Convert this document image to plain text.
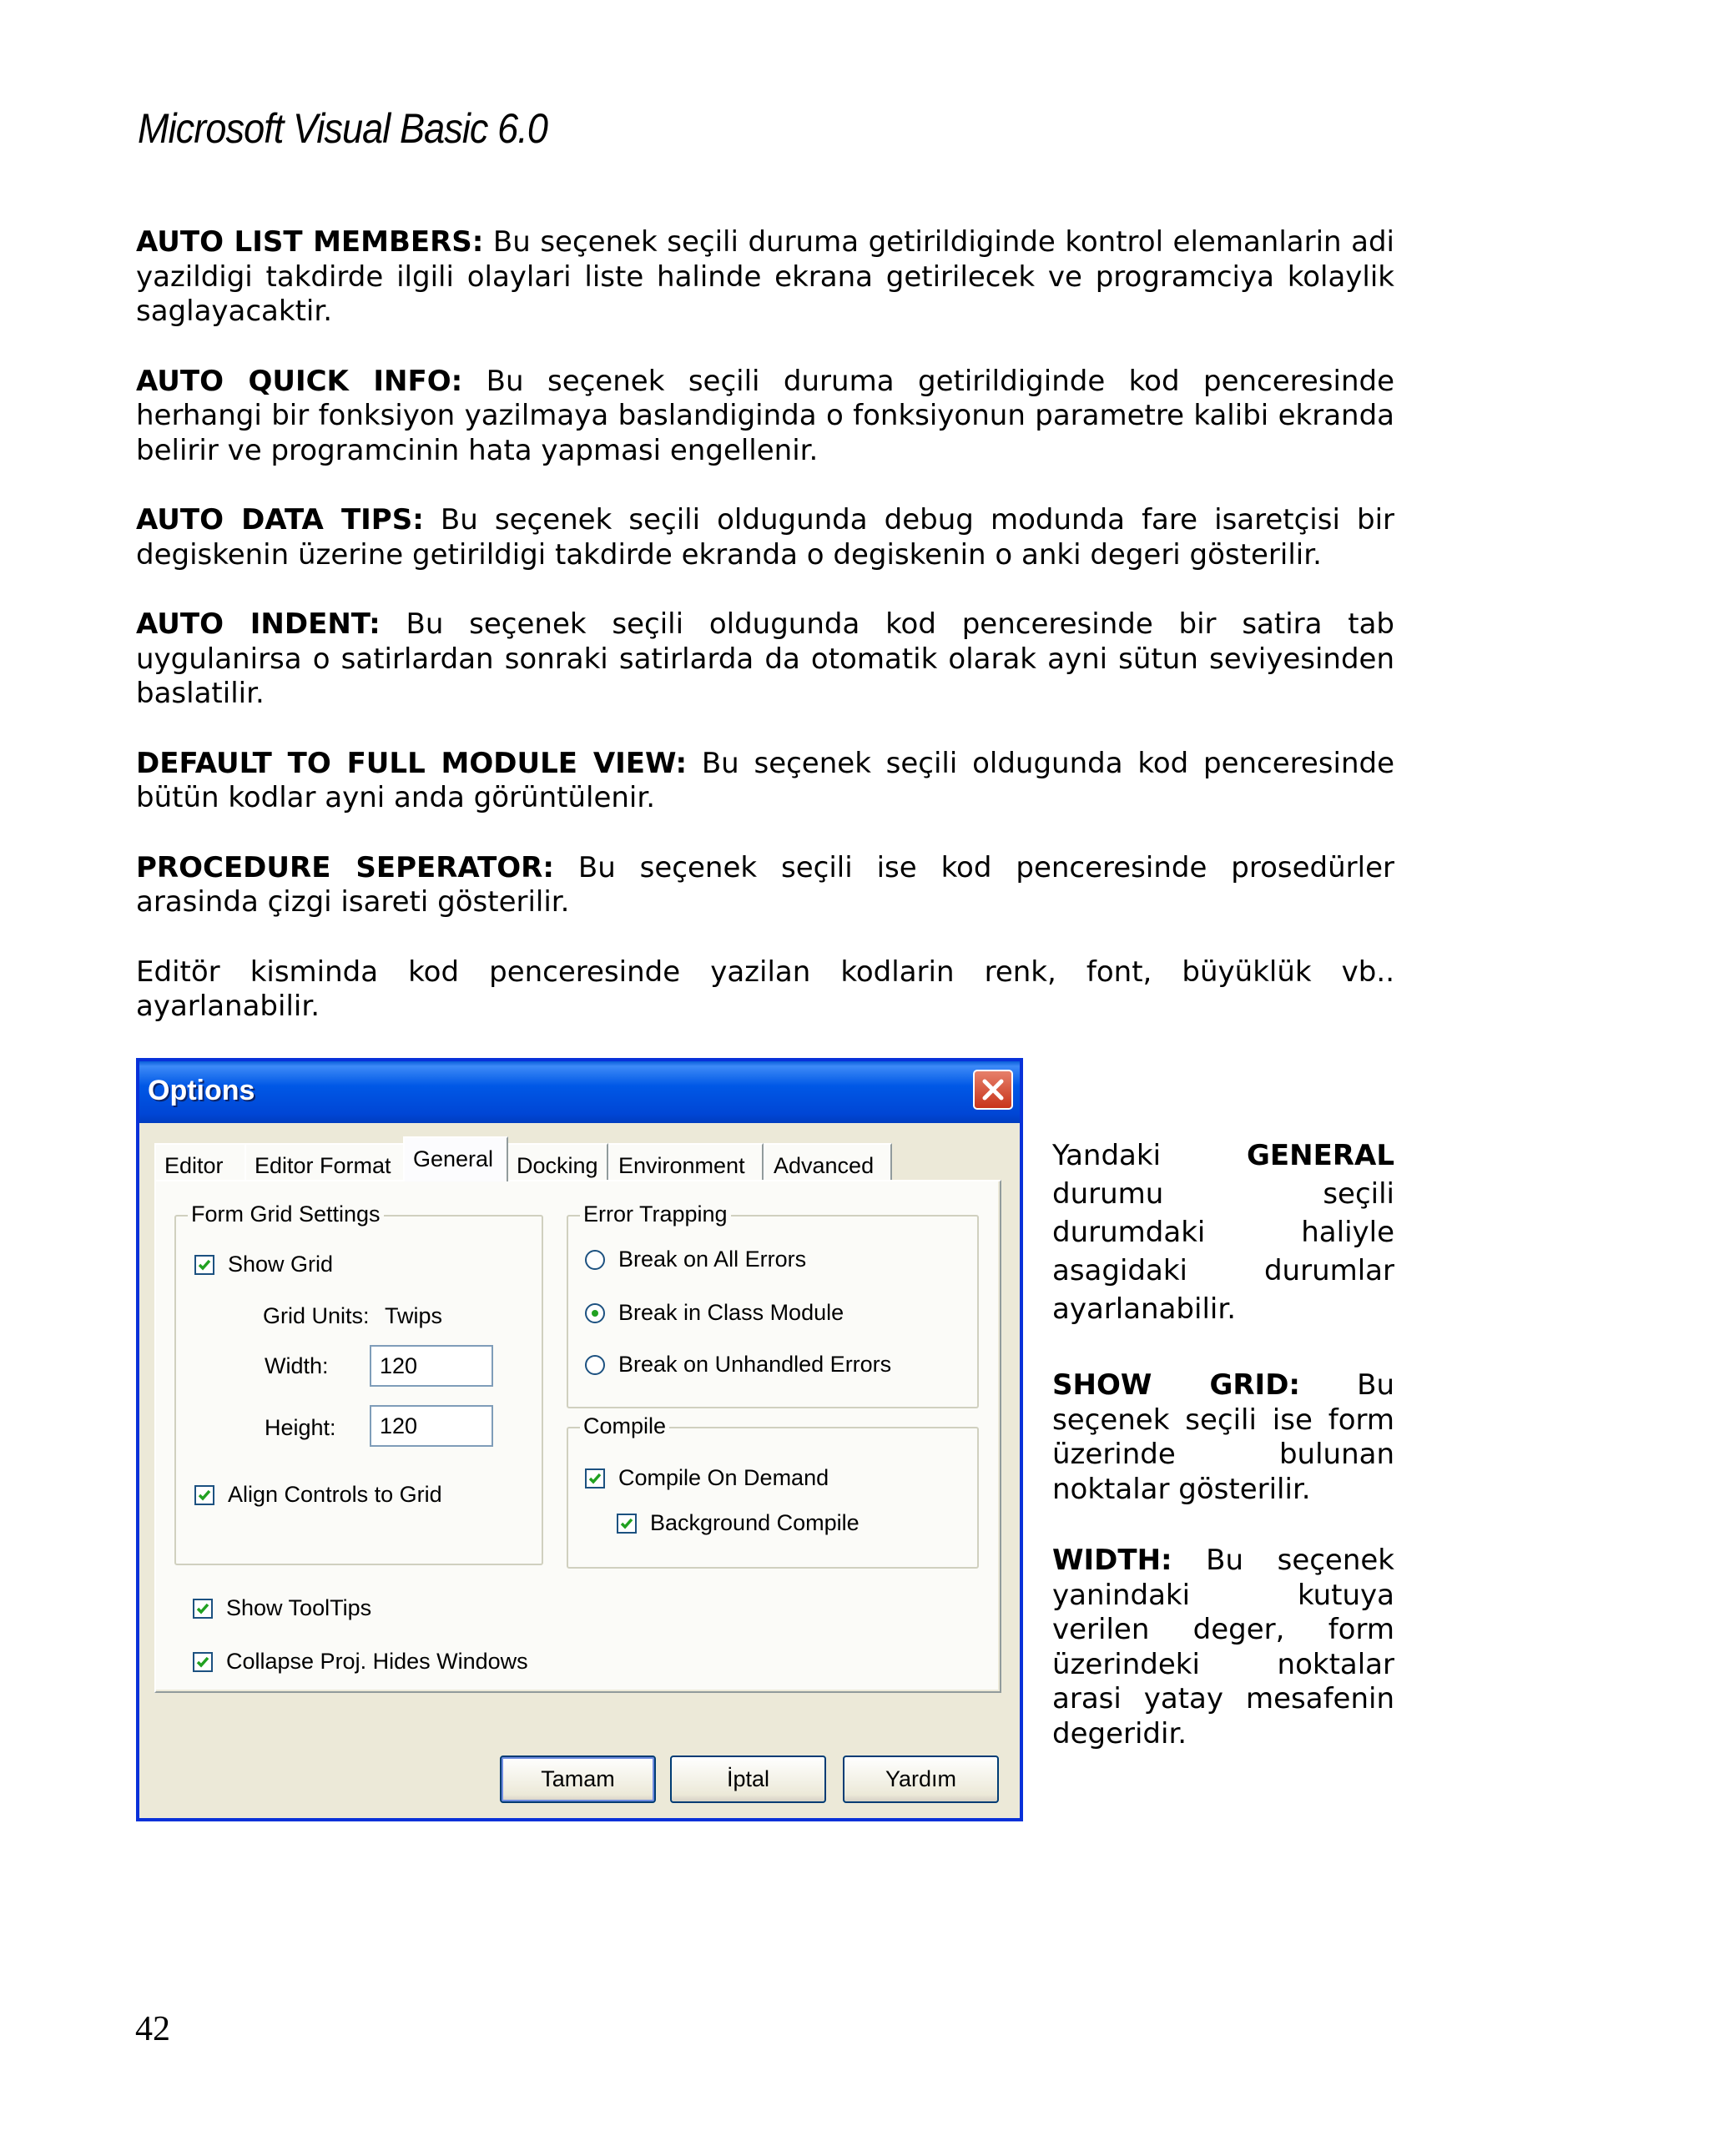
Microsoft Visual Basic 6.0

AUTO LIST MEMBERS: Bu seçenek seçili duruma getirildiginde kontrol elemanlarin adi yazildigi takdirde ilgili olaylari liste halinde ekrana getirilecek ve programciya kolaylik saglayacaktir.

AUTO QUICK INFO: Bu seçenek seçili duruma getirildiginde kod penceresinde herhangi bir fonksiyon yazilmaya baslandiginda o fonksiyonun parametre kalibi ekranda belirir ve programcinin hata yapmasi engellenir.

AUTO DATA TIPS: Bu seçenek seçili oldugunda debug modunda fare isaretçisi bir degiskenin üzerine getirildigi takdirde ekranda o degiskenin o anki degeri gösterilir.

AUTO INDENT: Bu seçenek seçili oldugunda kod penceresinde bir satira tab uygulanirsa o satirlardan sonraki satirlarda da otomatik olarak ayni sütun seviyesinden baslatilir.

DEFAULT TO FULL MODULE VIEW: Bu seçenek seçili oldugunda kod penceresinde bütün kodlar ayni anda görüntülenir.

PROCEDURE SEPERATOR: Bu seçenek seçili ise kod penceresinde prosedürler arasinda çizgi isareti gösterilir.

Editör kisminda kod penceresinde yazilan kodlarin renk, font, büyüklük vb.. ayarlanabilir.

Options
Editor	Editor Format General	Docking Environment	Advanced
Form Grid Settings
Show Grid
Grid Units: Twips
Width:	120
Height:	120
Align Controls to Grid
Error Trapping
Break on All Errors
Break in Class Module
Break on Unhandled Errors
Compile
Compile On Demand
Background Compile
Show ToolTips
Collapse Proj. Hides Windows
Tamam	İptal	Yardım

Yandaki GENERAL durumu seçili durumdaki haliyle asagidaki durumlar ayarlanabilir.

SHOW GRID: Bu seçenek seçili ise form üzerinde bulunan noktalar gösterilir.

WIDTH: Bu seçenek yanindaki kutuya verilen deger, form üzerindeki noktalar arasi yatay mesafenin degeridir.

42
